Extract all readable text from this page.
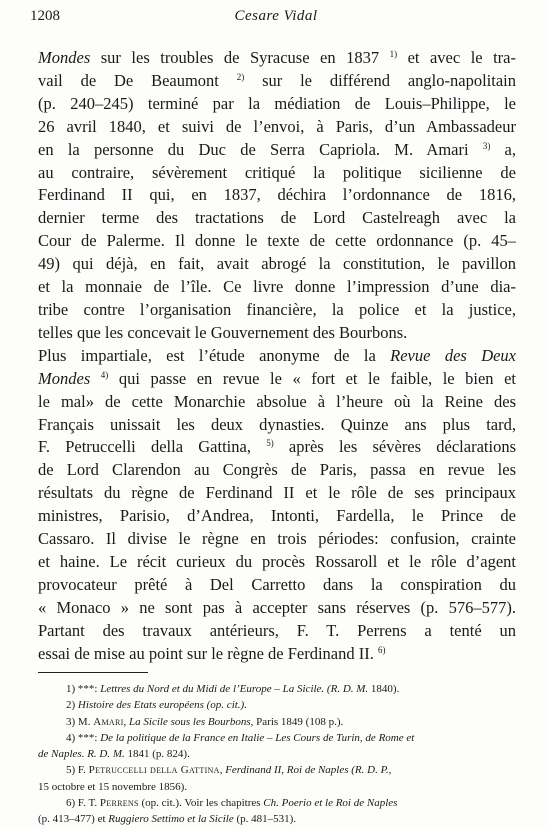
1208	Cesare Vidal
Mondes sur les troubles de Syracuse en 1837 $^{1)}$ et avec le tra-
vail de De Beaumont $^{2)}$ sur le différend anglo-napolitain
(p. 240–245) terminé par la médiation de Louis–Philippe, le
26 avril 1840, et suivi de l’envoi, à Paris, d’un Ambassadeur
en la personne du Duc de Serra Capriola. M. Amari $^{3)}$ a,
au contraire, sévèrement critiqué la politique sicilienne de
Ferdinand II qui, en 1837, déchira l’ordonnance de 1816,
dernier terme des tractations de Lord Castelreagh avec la
Cour de Palerme. Il donne le texte de cette ordonnance (p. 45–
49) qui déjà, en fait, avait abrogé la constitution, le pavillon
et la monnaie de l’île. Ce livre donne l’impression d’une dia-
tribe contre l’organisation financière, la police et la justice,
telles que les concevait le Gouvernement des Bourbons.
Plus impartiale, est l’étude anonyme de la Revue des Deux
Mondes $^{4)}$ qui passe en revue le « fort et le faible, le bien et
le mal» de cette Monarchie absolue à l’heure où la Reine des
Français unissait les deux dynasties. Quinze ans plus tard,
F. Petruccelli della Gattina, $^{5)}$ après les sévères déclarations
de Lord Clarendon au Congrès de Paris, passa en revue les
résultats du règne de Ferdinand II et le rôle de ses principaux
ministres, Parisio, d’Andrea, Intonti, Fardella, le Prince de
Cassaro. Il divise le règne en trois périodes: confusion, crainte
et haine. Le récit curieux du procès Rossaroll et le rôle d’agent
provocateur prêté à Del Carretto dans la conspiration du
« Monaco » ne sont pas à accepter sans réserves (p. 576–577).
Partant des travaux antérieurs, F. T. Perrens a tenté un
essai de mise au point sur le règne de Ferdinand II. $^{6)}$
1) ***: Lettres du Nord et du Midi de l’Europe – La Sicile. (R. D. M. 1840).
2) Histoire des Etats européens (op. cit.).
3) M. Amari, La Sicile sous les Bourbons, Paris 1849 (108 p.).
4) ***: De la politique de la France en Italie – Les Cours de Turin, de Rome et
de Naples. R. D. M. 1841 (p. 824).
5) F. Petruccelli della Gattina, Ferdinand II, Roi de Naples (R. D. P.,
15 octobre et 15 novembre 1856).
6) F. T. Perrens (op. cit.). Voir les chapitres Ch. Poerio et le Roi de Naples
(p. 413–477) et Ruggiero Settimo et la Sicile (p. 481–531).
